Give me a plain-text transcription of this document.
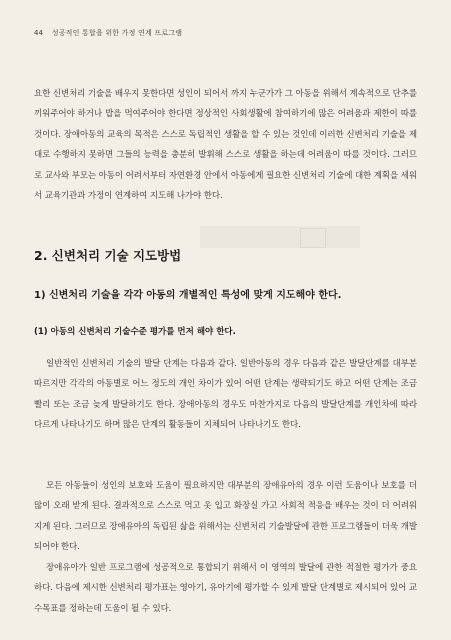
44 성공적인 통합을 위한 가정 연계 프로그램
요한 신변처리 기술을 배우지 못한다면 성인이 되어서 까지 누군가가 그 아동을 위해서 계속적으로 단추를 끼워주어야 하거나 밥을 먹여주어야 한다면 정상적인 사회생활에 참여하기에 많은 어려움과 제한이 따를 것이다. 장애아동의 교육의 목적은 스스로 독립적인 생활을 할 수 있는 것인데 이러한 신변처리 기술을 제대로 수행하지 못하면 그들의 능력을 충분히 발휘해 스스로 생활을 하는데 어려움이 따를 것이다. 그러므로 교사와 부모는 아동이 어려서부터 자연환경 안에서 아동에게 필요한 신변처리 기술에 대한 계획을 세워서 교육기관과 가정이 연계하여 지도해 나가야 한다.
2. 신변처리 기술 지도방법
1) 신변처리 기술을 각각 아동의 개별적인 특성에 맞게 지도해야 한다.
(1) 아동의 신변처리 기술수준 평가를 먼저 해야 한다.
일반적인 신변처리 기술의 발달 단계는 다음과 같다. 일반아동의 경우 다음과 같은 발달단계를 대부분 따르지만 각각의 아동별로 어느 정도의 개인 차이가 있어 어떤 단계는 생략되기도 하고 어떤 단계는 조금 빨리 또는 조금 늦게 발달하기도 한다. 장애아동의 경우도 마찬가지로 다음의 발달단계를 개인차에 따라 다르게 나타나기도 하며 많은 단계의 활동들이 지체되어 나타나기도 한다.
모든 아동들이 성인의 보호와 도움이 필요하지만 대부분의 장애유아의 경우 이런 도움이나 보호를 더 많이 오래 받게 된다. 결과적으로 스스로 먹고 옷 입고 화장실 가고 사회적 적응을 배우는 것이 더 어려워지게 된다. 그러므로 장애유아의 독립된 삶을 위해서는 신변처리 기술발달에 관한 프로그램들이 더욱 개발되어야 한다.
장애유아가 일반 프로그램에 성공적으로 통합되기 위해서 이 영역의 발달에 관한 적절한 평가가 중요하다. 다음에 제시한 신변처리 평가표는 영아기, 유아기에 평가할 수 있게 발달 단계별로 제시되어 있어 교수목표를 정하는데 도움이 될 수 있다.
